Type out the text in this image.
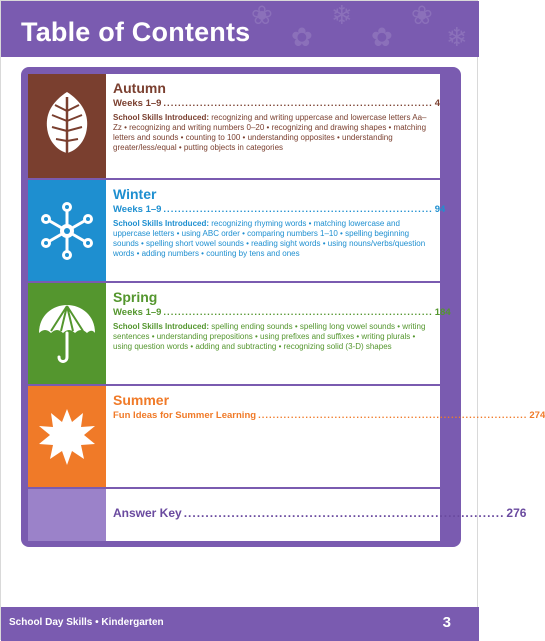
❀
✿
❄
✿
❀
❄
Table of Contents
Autumn
Weeks 1–9 .......................................................................... 4
School Skills Introduced: recognizing and writing uppercase and lowercase letters Aa–Zz • recognizing and writing numbers 0–20 • recognizing and drawing shapes • matching letters and sounds • counting to 100 • understanding opposites • understanding greater/less/equal • putting objects in categories
Winter
Weeks 1–9 .......................................................................... 94
School Skills Introduced: recognizing rhyming words • matching lowercase and uppercase letters • using ABC order • comparing numbers 1–10 • spelling beginning sounds • spelling short vowel sounds • reading sight words • using nouns/verbs/question words • adding numbers • counting by tens and ones
Spring
Weeks 1–9 .......................................................................... 184
School Skills Introduced: spelling ending sounds • spelling long vowel sounds • writing sentences • understanding prepositions • using prefixes and suffixes • writing plurals • using question words • adding and subtracting • recognizing solid (3-D) shapes
Summer
Fun Ideas for Summer Learning .......................................................................... 274
Answer Key .......................................................................... 276
School Day Skills • Kindergarten	3
